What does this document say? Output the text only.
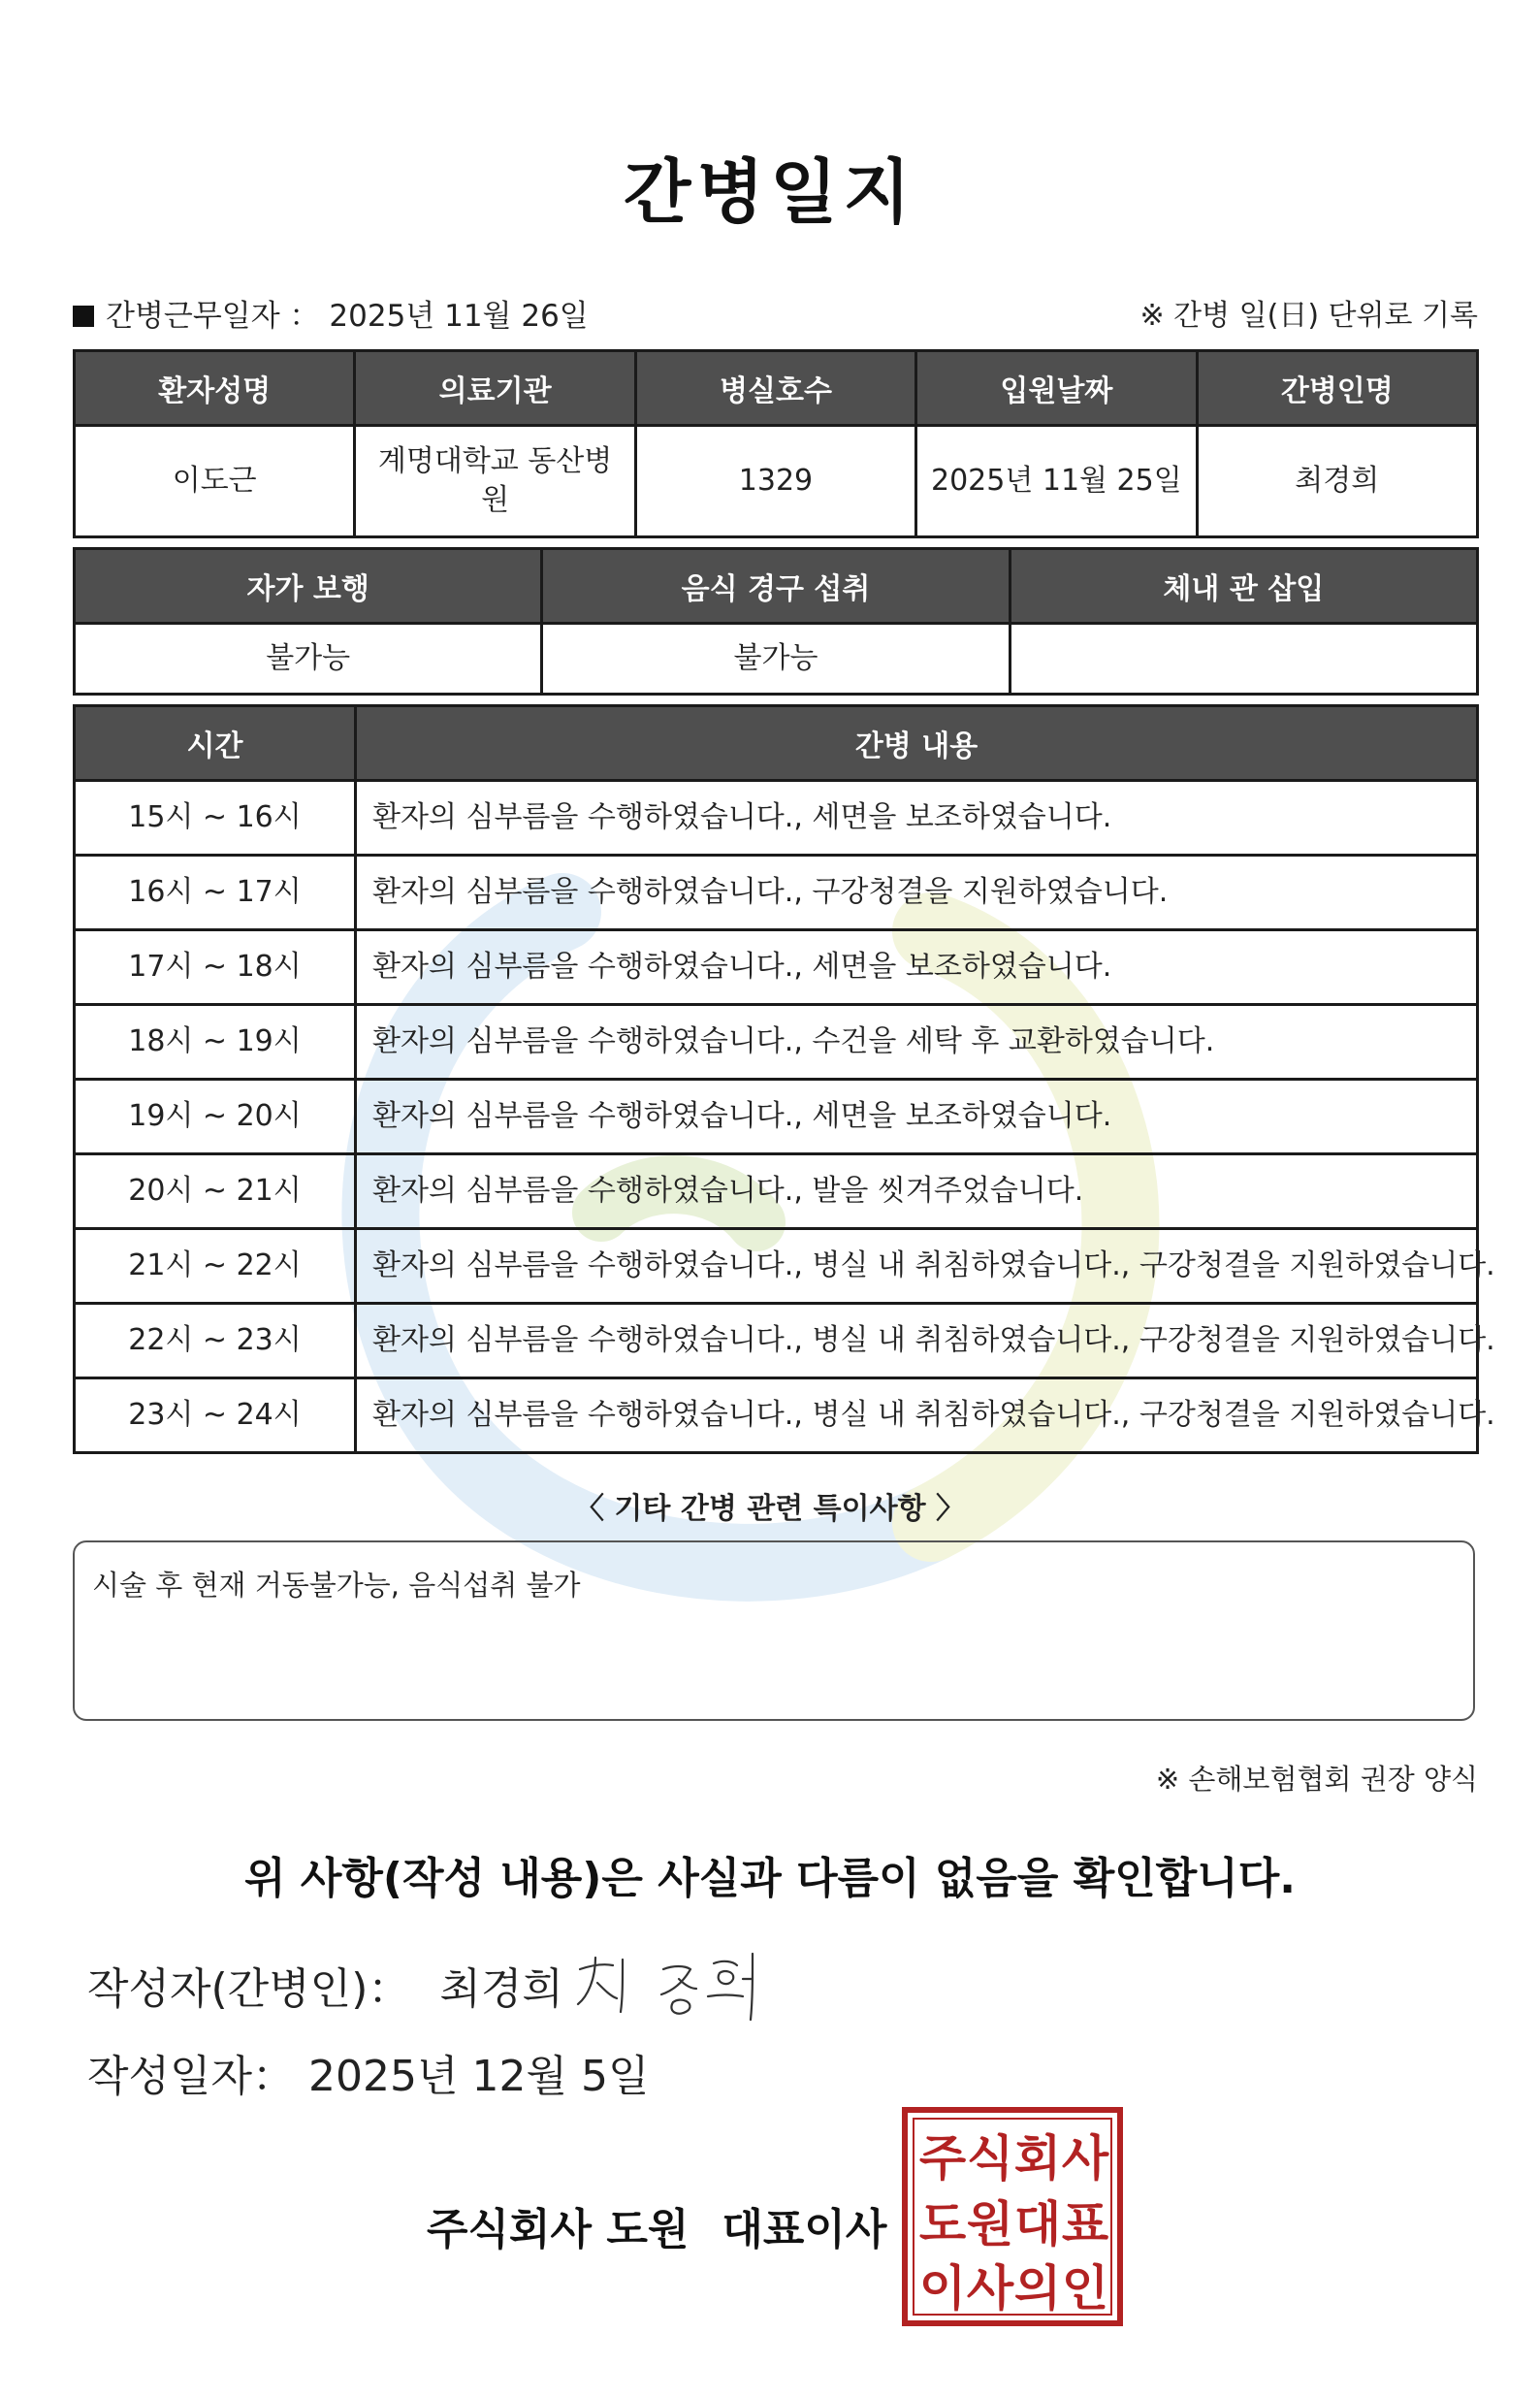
간병일지
간병근무일자 ： 2025년 11월 26일	※ 간병 일(日) 단위로 기록
환자성명	의료기관	병실호수	입원날짜	간병인명
이도근	계명대학교 동산병원	1329	2025년 11월 25일	최경희
자가 보행	음식 경구 섭취	체내 관 삽입
불가능	불가능	
시간	간병 내용
15시 ~ 16시	환자의 심부름을 수행하였습니다., 세면을 보조하였습니다.
16시 ~ 17시	환자의 심부름을 수행하였습니다., 구강청결을 지원하였습니다.
17시 ~ 18시	환자의 심부름을 수행하였습니다., 세면을 보조하였습니다.
18시 ~ 19시	환자의 심부름을 수행하였습니다., 수건을 세탁 후 교환하였습니다.
19시 ~ 20시	환자의 심부름을 수행하였습니다., 세면을 보조하였습니다.
20시 ~ 21시	환자의 심부름을 수행하였습니다., 발을 씻겨주었습니다.
21시 ~ 22시	환자의 심부름을 수행하였습니다., 병실 내 취침하였습니다., 구강청결을 지원하였습니다.
22시 ~ 23시	환자의 심부름을 수행하였습니다., 병실 내 취침하였습니다., 구강청결을 지원하였습니다.
23시 ~ 24시	환자의 심부름을 수행하였습니다., 병실 내 취침하였습니다., 구강청결을 지원하였습니다.
〈 기타 간병 관련 특이사항 〉
시술 후 현재 거동불가능, 음식섭취 불가
※ 손해보험협회 권장 양식
위 사항(작성 내용)은 사실과 다름이 없음을 확인합니다.
작성자(간병인)： 최경희
작성일자： 2025년 12월 5일
주식회사 도원 대표이사
주 식 회 사
도 원 대 표
이 사 의 인
